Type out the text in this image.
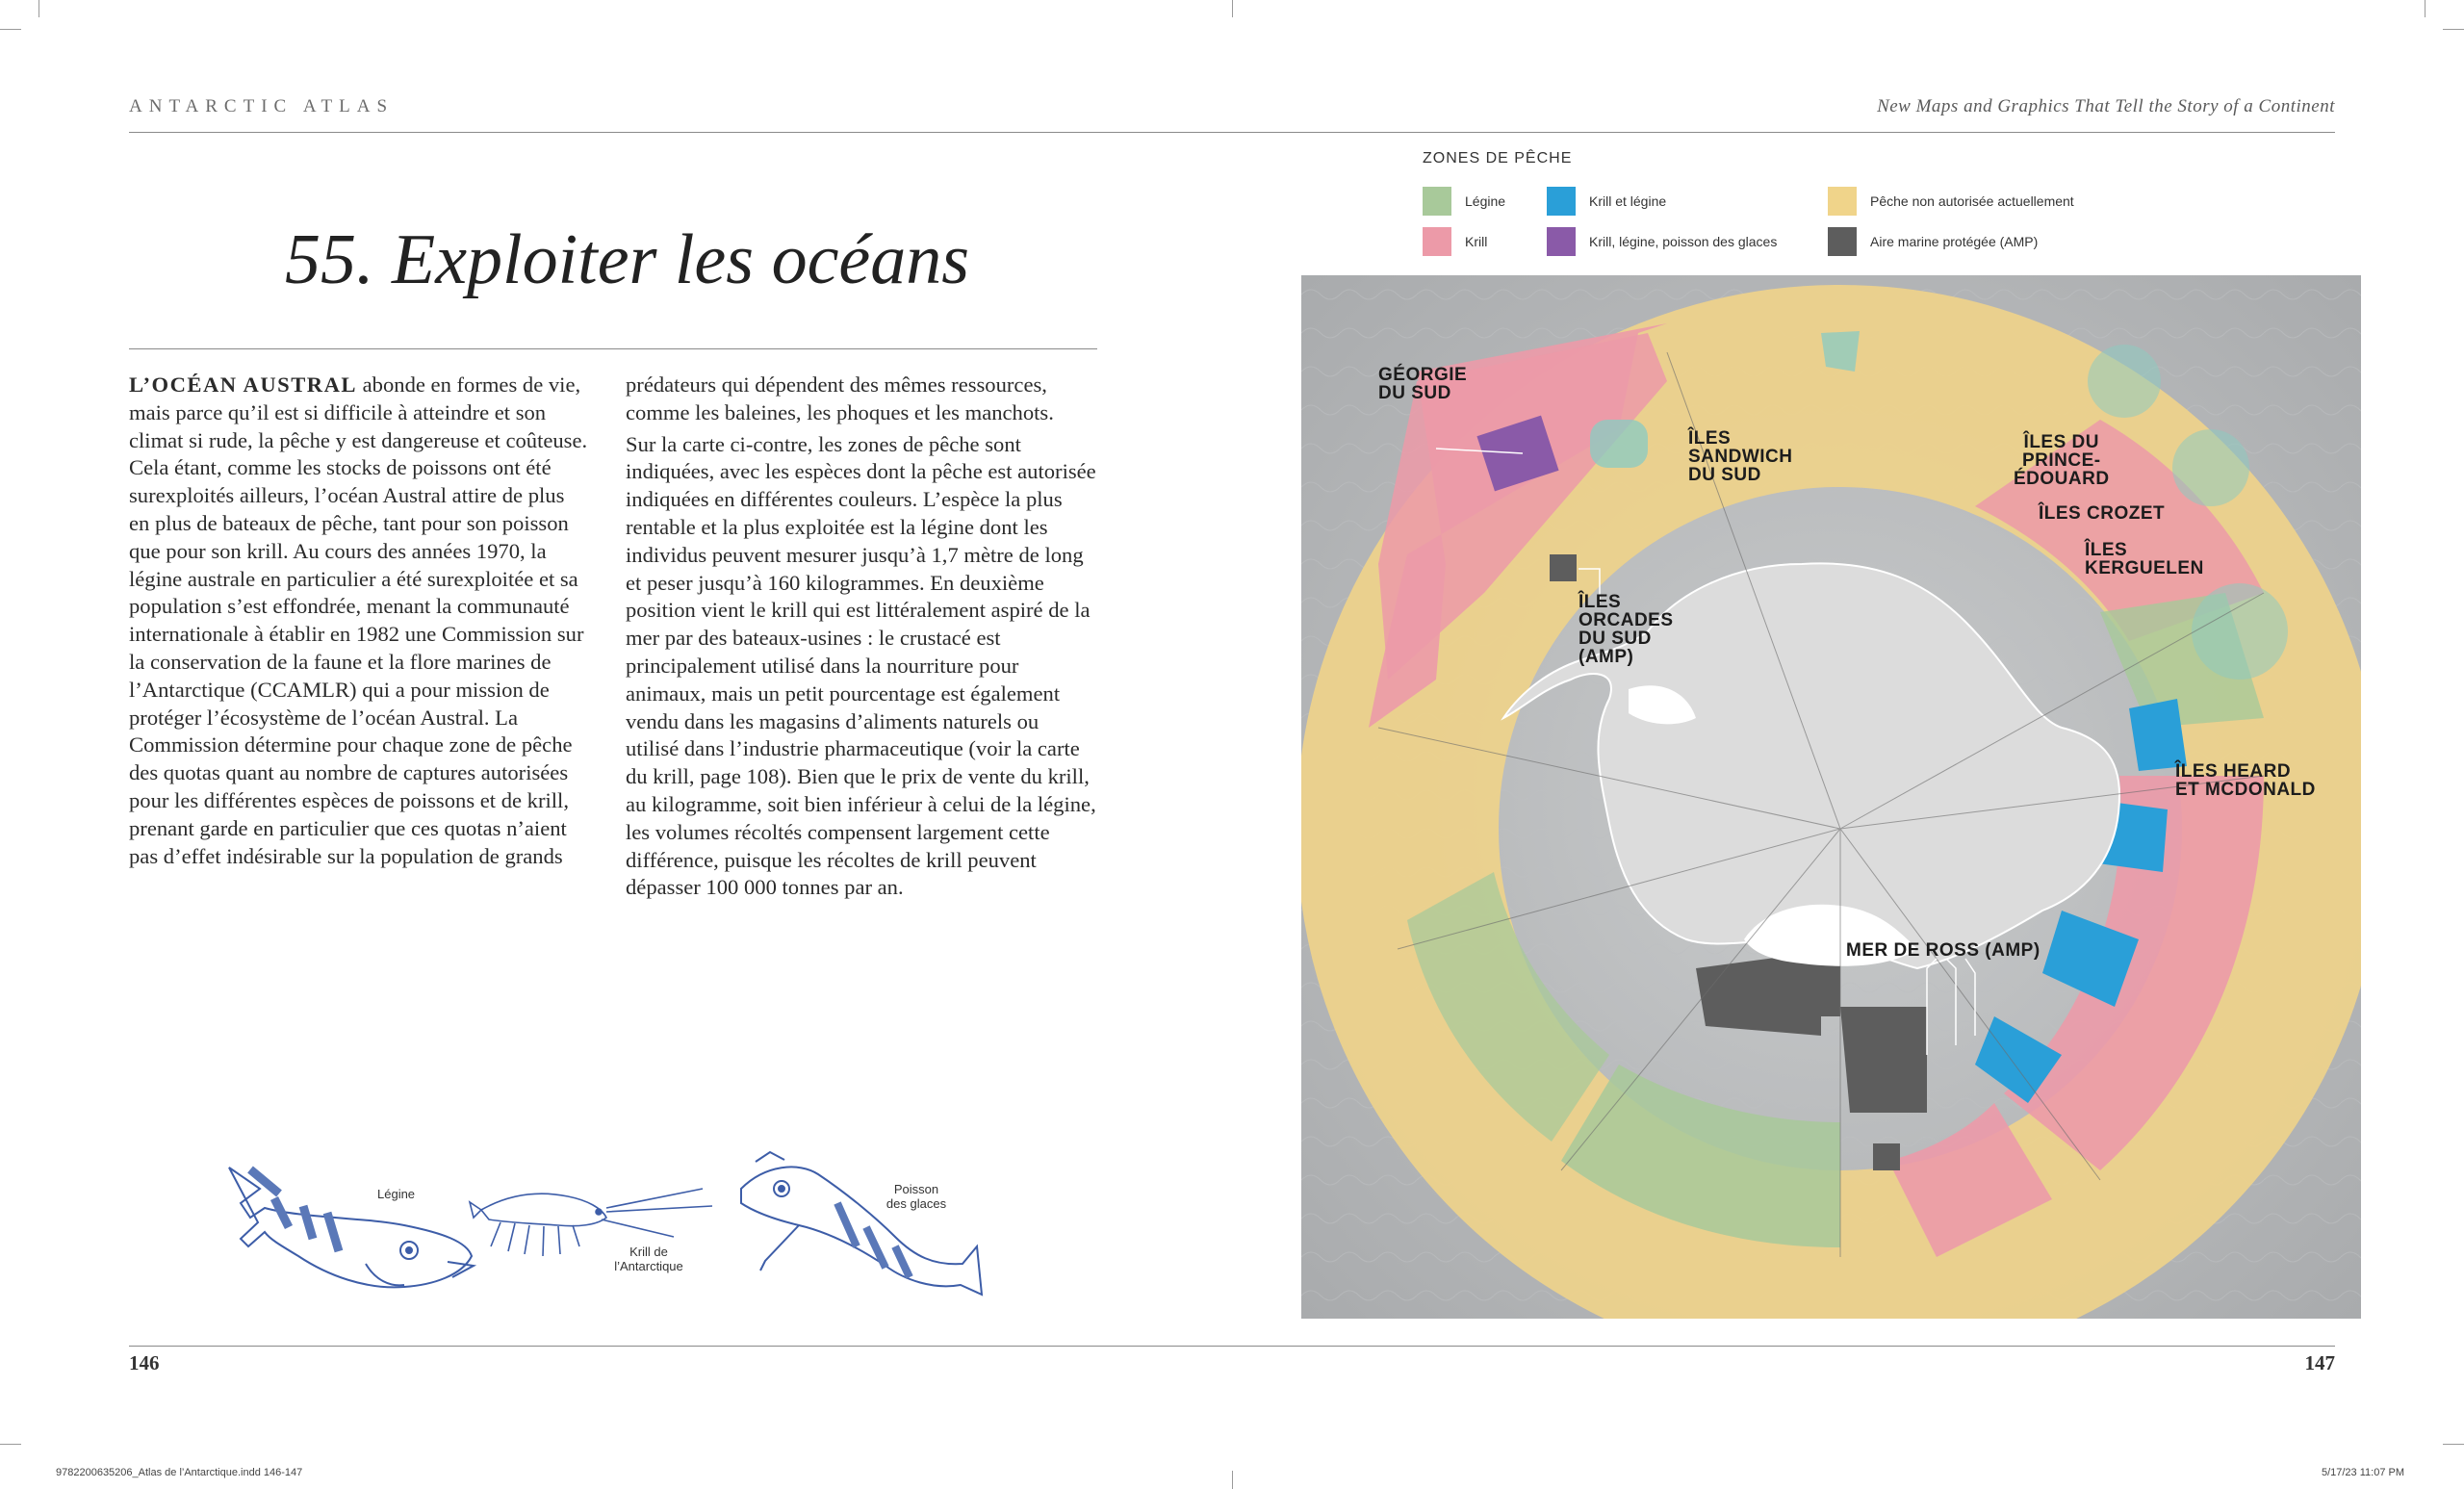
ANTARCTIC ATLAS	New Maps and Graphics That Tell the Story of a Continent
55. Exploiter les océans

L’OCÉAN AUSTRAL abonde en formes de vie, mais parce qu’il est si difficile à atteindre et son climat si rude, la pêche y est dangereuse et coûteuse. Cela étant, comme les stocks de poissons ont été surexploités ailleurs, l’océan Austral attire de plus en plus de bateaux de pêche, tant pour son poisson que pour son krill. Au cours des années 1970, la légine australe en particulier a été surexploitée et sa population s’est effondrée, menant la communauté internationale à établir en 1982 une Commission sur la conservation de la faune et la flore marines de l’Antarctique (CCAMLR) qui a pour mission de protéger l’écosystème de l’océan Austral. La Commission détermine pour chaque zone de pêche des quotas quant au nombre de captures autorisées pour les différentes espèces de poissons et de krill, prenant garde en particulier que ces quotas n’aient pas d’effet indésirable sur la population de grands

prédateurs qui dépendent des mêmes ressources, comme les baleines, les phoques et les manchots.

Sur la carte ci-contre, les zones de pêche sont indiquées, avec les espèces dont la pêche est autorisée indiquées en différentes couleurs. L’espèce la plus rentable et la plus exploitée est la légine dont les individus peuvent mesurer jusqu’à 1,7 mètre de long et peser jusqu’à 160 kilogrammes. En deuxième position vient le krill qui est littéralement aspiré de la mer par des bateaux-usines : le crustacé est principalement utilisé dans la nourriture pour animaux, mais un petit pourcentage est également vendu dans les magasins d’aliments naturels ou utilisé dans l’industrie pharmaceutique (voir la carte du krill, page 108). Bien que le prix de vente du krill, au kilogramme, soit bien inférieur à celui de la légine, les volumes récoltés compensent largement cette différence, puisque les récoltes de krill peuvent dépasser 100 000 tonnes par an.

Légine
Krill de
l’Antarctique
Poisson
des glaces
ZONES DE PÊCHE
Légine
Krill
Krill et légine
Krill, légine, poisson des glaces
Pêche non autorisée actuellement
Aire marine protégée (AMP)
GÉORGIE
DU SUD
ÎLES
SANDWICH
DU SUD
ÎLES DU
PRINCE-
ÉDOUARD
ÎLES CROZET
ÎLES
KERGUELEN
ÎLES
ORCADES
DU SUD
(AMP)
ÎLES HEARD
ET MCDONALD
MER DE ROSS (AMP)
146	147
9782200635206_Atlas de l’Antarctique.indd 146-147	5/17/23 11:07 PM
